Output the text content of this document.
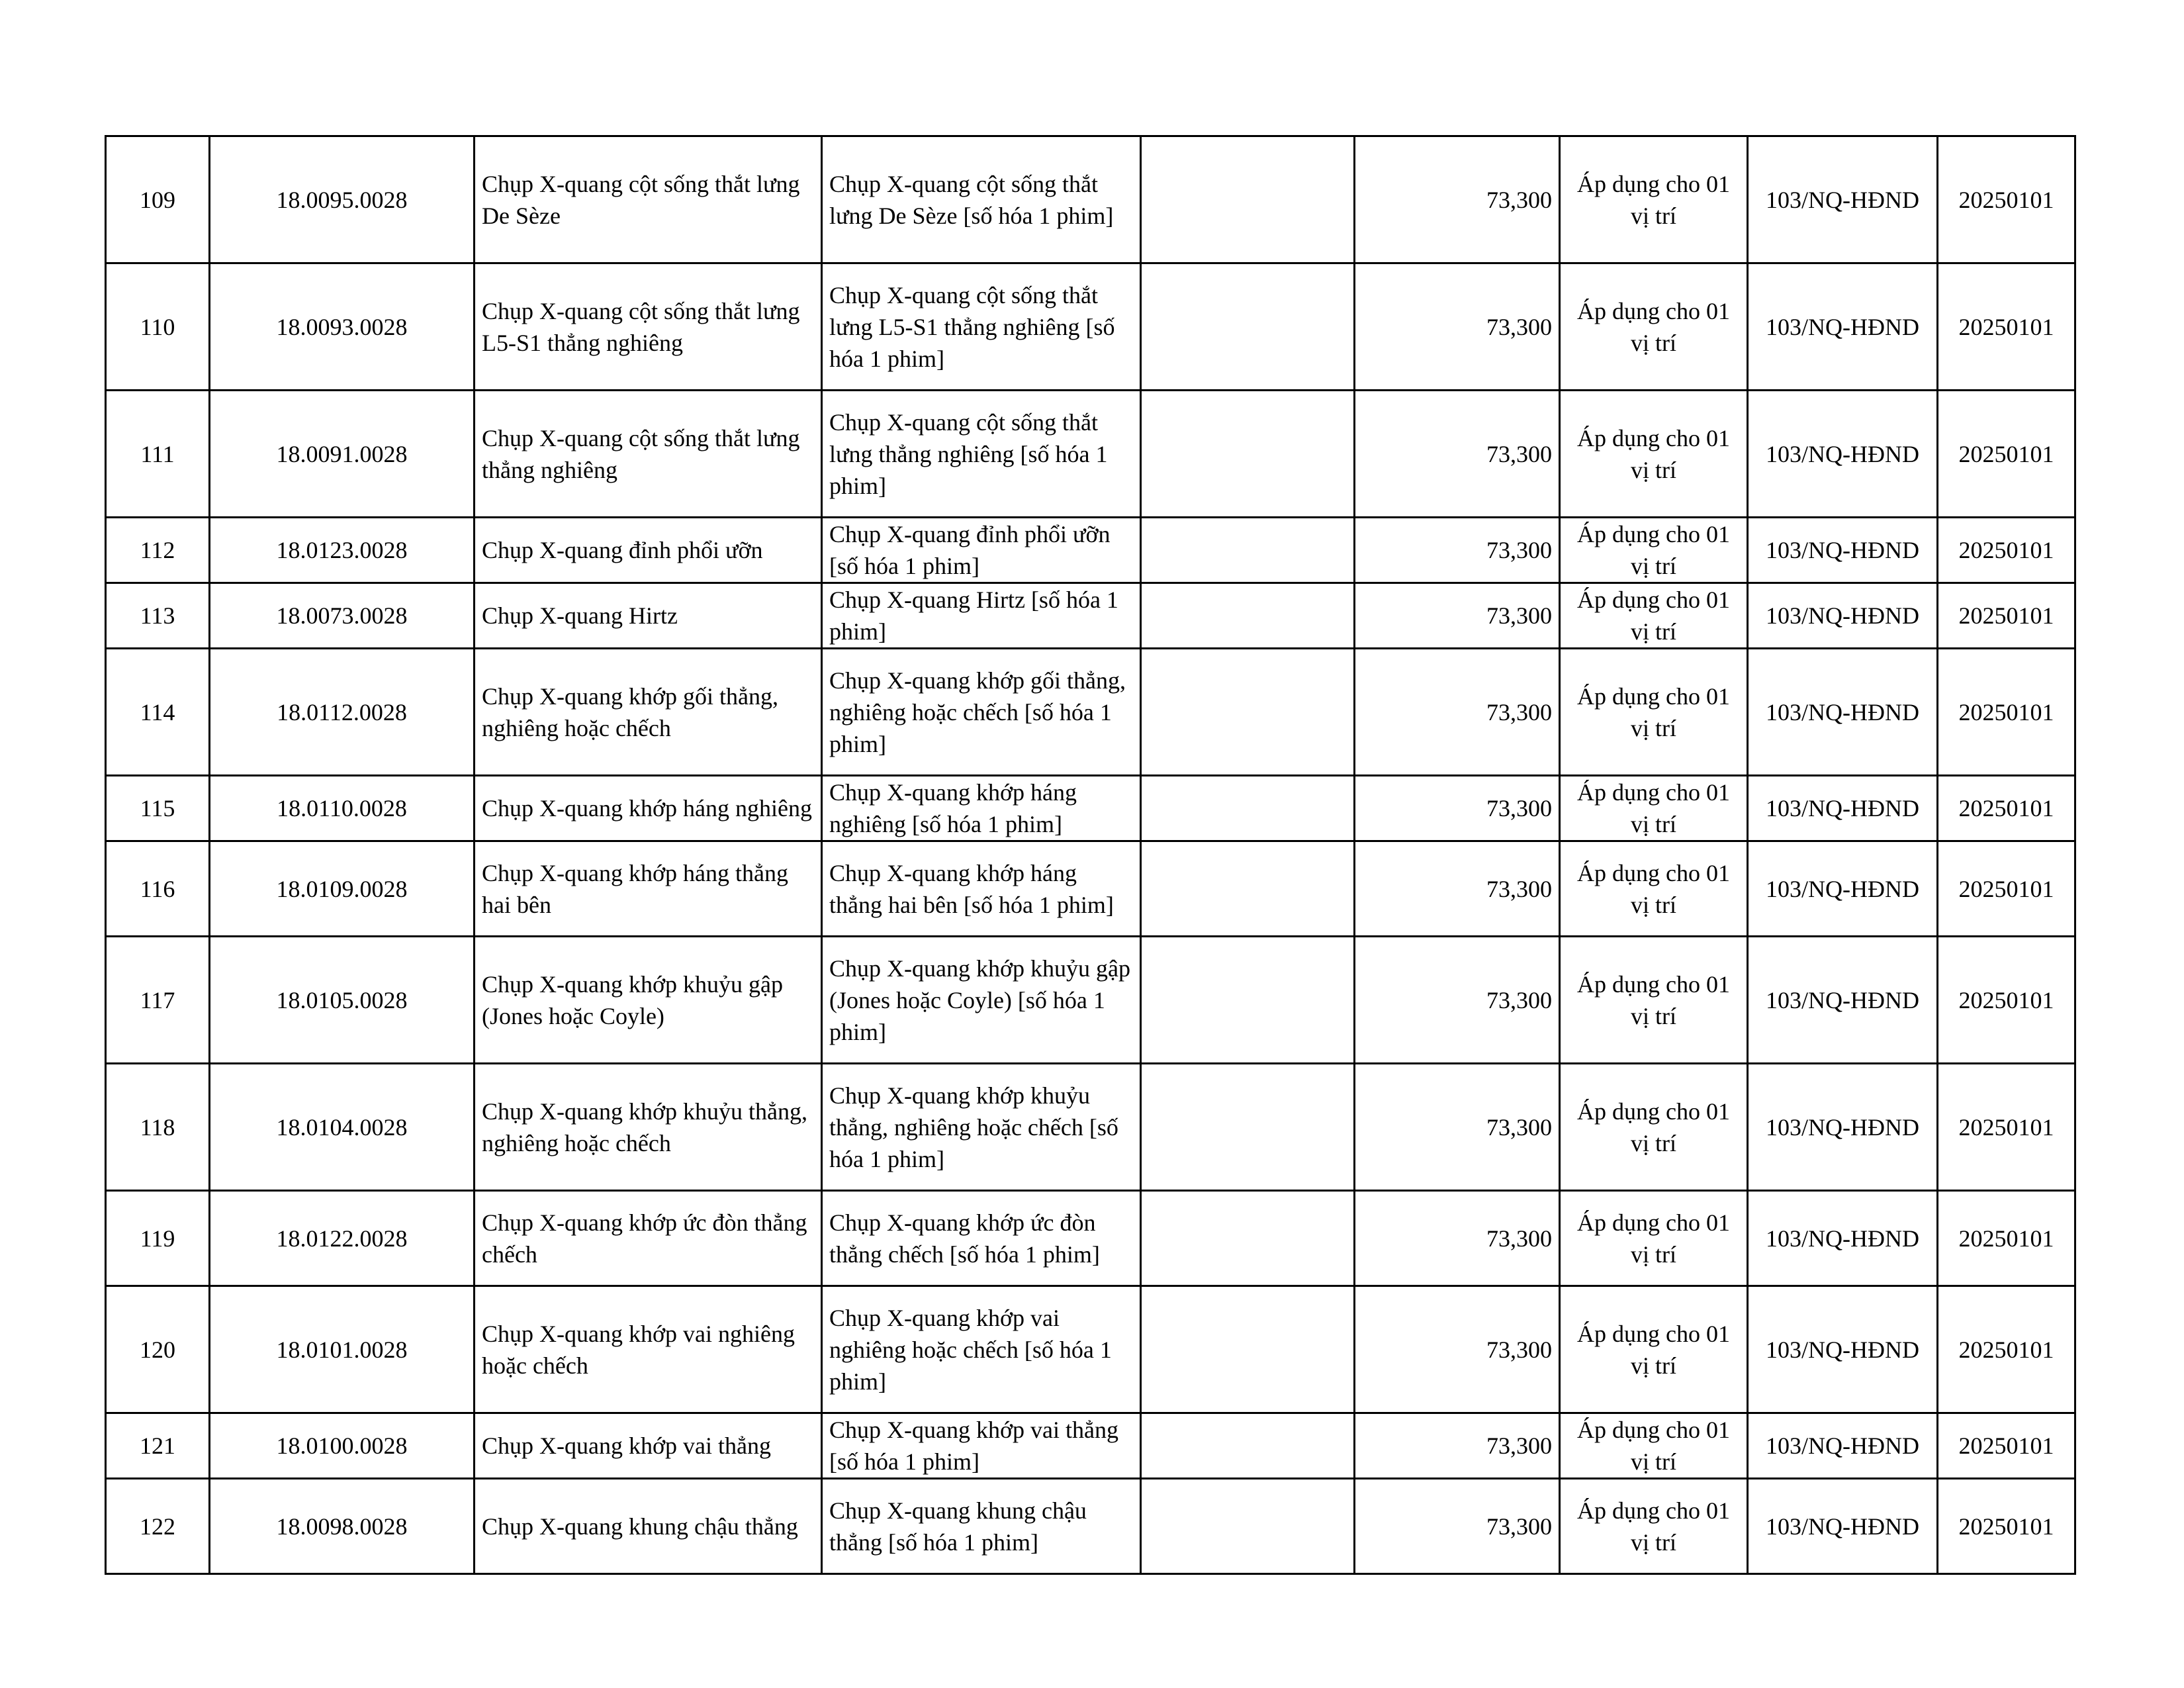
109	18.0095.0028	Chụp X-quang cột sống thắt lưng De Sèze	Chụp X-quang cột sống thắt lưng De Sèze [số hóa 1 phim]		73,300	Áp dụng cho 01 vị trí	103/NQ-HĐND	20250101
110	18.0093.0028	Chụp X-quang cột sống thắt lưng L5-S1 thẳng nghiêng	Chụp X-quang cột sống thắt lưng L5-S1 thẳng nghiêng [số hóa 1 phim]		73,300	Áp dụng cho 01 vị trí	103/NQ-HĐND	20250101
111	18.0091.0028	Chụp X-quang cột sống thắt lưng thẳng nghiêng	Chụp X-quang cột sống thắt lưng thẳng nghiêng [số hóa 1 phim]		73,300	Áp dụng cho 01 vị trí	103/NQ-HĐND	20250101
112	18.0123.0028	Chụp X-quang đỉnh phổi ưỡn	Chụp X-quang đỉnh phổi ưỡn [số hóa 1 phim]		73,300	Áp dụng cho 01 vị trí	103/NQ-HĐND	20250101
113	18.0073.0028	Chụp X-quang Hirtz	Chụp X-quang Hirtz [số hóa 1 phim]		73,300	Áp dụng cho 01 vị trí	103/NQ-HĐND	20250101
114	18.0112.0028	Chụp X-quang khớp gối thẳng, nghiêng hoặc chếch	Chụp X-quang khớp gối thẳng, nghiêng hoặc chếch [số hóa 1 phim]		73,300	Áp dụng cho 01 vị trí	103/NQ-HĐND	20250101
115	18.0110.0028	Chụp X-quang khớp háng nghiêng	Chụp X-quang khớp háng nghiêng [số hóa 1 phim]		73,300	Áp dụng cho 01 vị trí	103/NQ-HĐND	20250101
116	18.0109.0028	Chụp X-quang khớp háng thẳng hai bên	Chụp X-quang khớp háng thẳng hai bên [số hóa 1 phim]		73,300	Áp dụng cho 01 vị trí	103/NQ-HĐND	20250101
117	18.0105.0028	Chụp X-quang khớp khuỷu gập (Jones hoặc Coyle)	Chụp X-quang khớp khuỷu gập (Jones hoặc Coyle) [số hóa 1 phim]		73,300	Áp dụng cho 01 vị trí	103/NQ-HĐND	20250101
118	18.0104.0028	Chụp X-quang khớp khuỷu thẳng, nghiêng hoặc chếch	Chụp X-quang khớp khuỷu thẳng, nghiêng hoặc chếch [số hóa 1 phim]		73,300	Áp dụng cho 01 vị trí	103/NQ-HĐND	20250101
119	18.0122.0028	Chụp X-quang khớp ức đòn thẳng chếch	Chụp X-quang khớp ức đòn thẳng chếch [số hóa 1 phim]		73,300	Áp dụng cho 01 vị trí	103/NQ-HĐND	20250101
120	18.0101.0028	Chụp X-quang khớp vai nghiêng hoặc chếch	Chụp X-quang khớp vai nghiêng hoặc chếch [số hóa 1 phim]		73,300	Áp dụng cho 01 vị trí	103/NQ-HĐND	20250101
121	18.0100.0028	Chụp X-quang khớp vai thẳng	Chụp X-quang khớp vai thẳng [số hóa 1 phim]		73,300	Áp dụng cho 01 vị trí	103/NQ-HĐND	20250101
122	18.0098.0028	Chụp X-quang khung chậu thẳng	Chụp X-quang khung chậu thẳng [số hóa 1 phim]		73,300	Áp dụng cho 01 vị trí	103/NQ-HĐND	20250101
